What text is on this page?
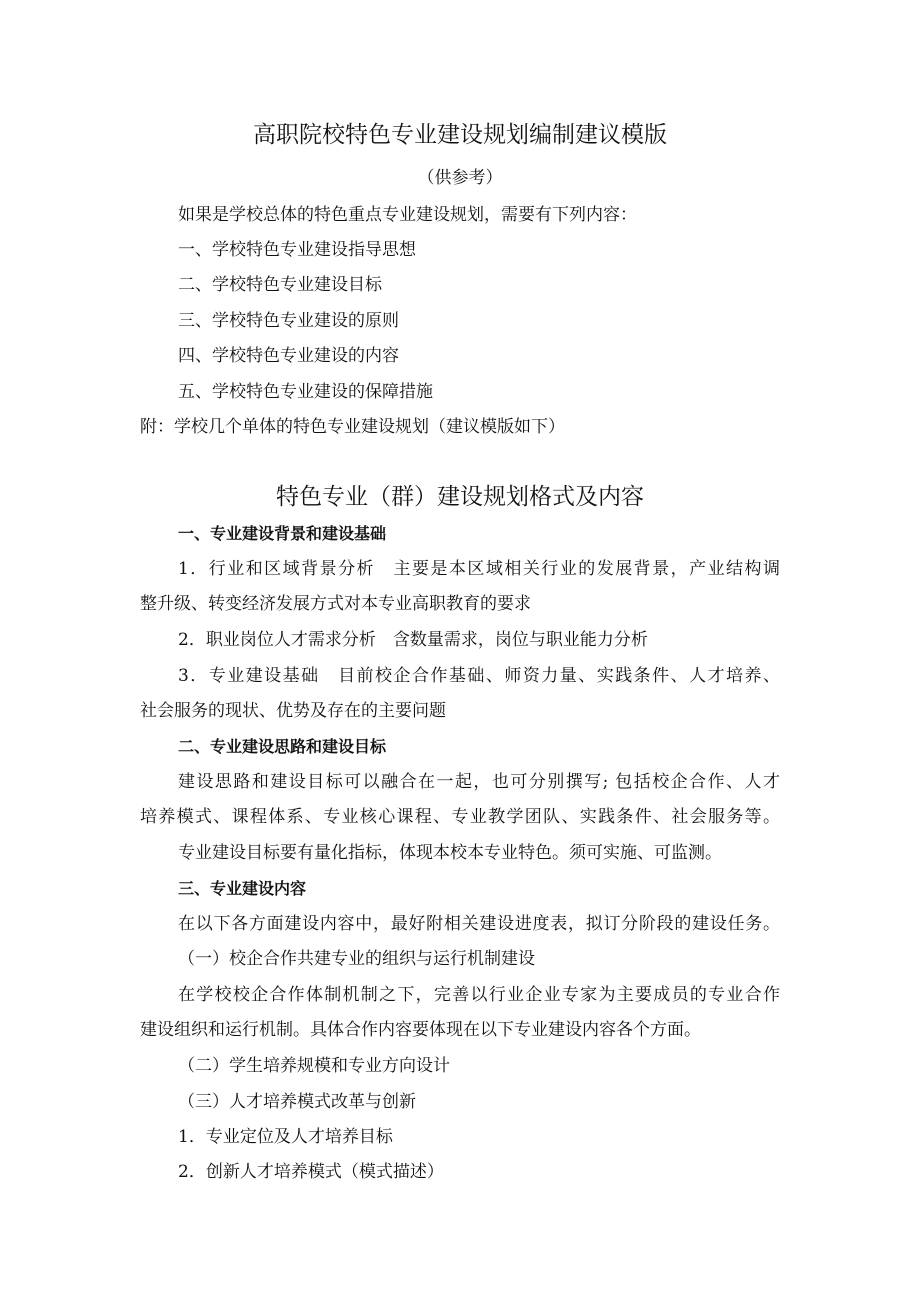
高职院校特色专业建设规划编制建议模版
（供参考）
如果是学校总体的特色重点专业建设规划，需要有下列内容：
一、学校特色专业建设指导思想
二、学校特色专业建设目标
三、学校特色专业建设的原则
四、学校特色专业建设的内容
五、学校特色专业建设的保障措施
附：学校几个单体的特色专业建设规划（建议模版如下）
特色专业（群）建设规划格式及内容
一、专业建设背景和建设基础
1．行业和区域背景分析　主要是本区域相关行业的发展背景，产业结构调
整升级、转变经济发展方式对本专业高职教育的要求
2．职业岗位人才需求分析　含数量需求，岗位与职业能力分析
3．专业建设基础　目前校企合作基础、师资力量、实践条件、人才培养、
社会服务的现状、优势及存在的主要问题
二、专业建设思路和建设目标
建设思路和建设目标可以融合在一起，也可分别撰写; 包括校企合作、人才
培养模式、课程体系、专业核心课程、专业教学团队、实践条件、社会服务等。
专业建设目标要有量化指标，体现本校本专业特色。须可实施、可监测。
三、专业建设内容
在以下各方面建设内容中，最好附相关建设进度表，拟订分阶段的建设任务。
（一）校企合作共建专业的组织与运行机制建设
在学校校企合作体制机制之下，完善以行业企业专家为主要成员的专业合作
建设组织和运行机制。具体合作内容要体现在以下专业建设内容各个方面。
（二）学生培养规模和专业方向设计
（三）人才培养模式改革与创新
1．专业定位及人才培养目标
2．创新人才培养模式（模式描述）
